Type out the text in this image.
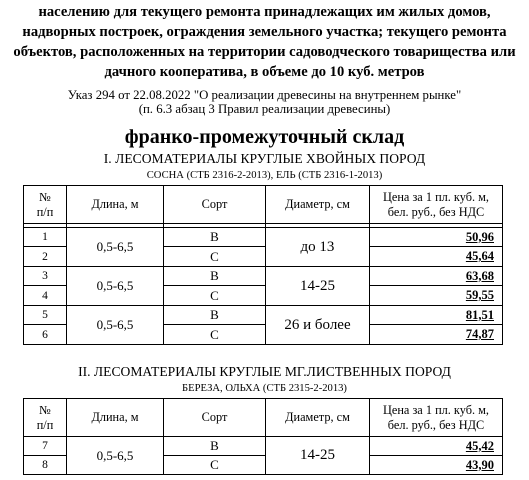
населению для текущего ремонта принадлежащих им жилых домов, надворных построек, ограждения земельного участка; текущего ремонта объектов, расположенных на территории садоводческого товарищества или дачного кооператива, в объеме до 10 куб. метров
Указ 294 от 22.08.2022 "О реализации древесины на внутреннем рынке"
(п. 6.3 абзац 3 Правил реализации древесины)
франко-промежуточный склад
I. ЛЕСОМАТЕРИАЛЫ КРУГЛЫЕ ХВОЙНЫХ ПОРОД
СОСНА (СТБ 2316-2-2013), ЕЛЬ (СТБ 2316-1-2013)
№
п/п	Длина, м	Сорт	Диаметр, см	Цена за 1 пл. куб. м,
бел. руб., без НДС

1	0,5-6,5	В	до 13	50,96
2		С		45,64
3	0,5-6,5	В	14-25	63,68
4		С		59,55
5	0,5-6,5	В	26 и более	81,51
6		С		74,87
II. ЛЕСОМАТЕРИАЛЫ КРУГЛЫЕ МГ.ЛИСТВЕННЫХ ПОРОД
БЕРЕЗА, ОЛЬХА (СТБ 2315-2-2013)
№
п/п	Длина, м	Сорт	Диаметр, см	Цена за 1 пл. куб. м,
бел. руб., без НДС
7	0,5-6,5	В	14-25	45,42
8		С		43,90
